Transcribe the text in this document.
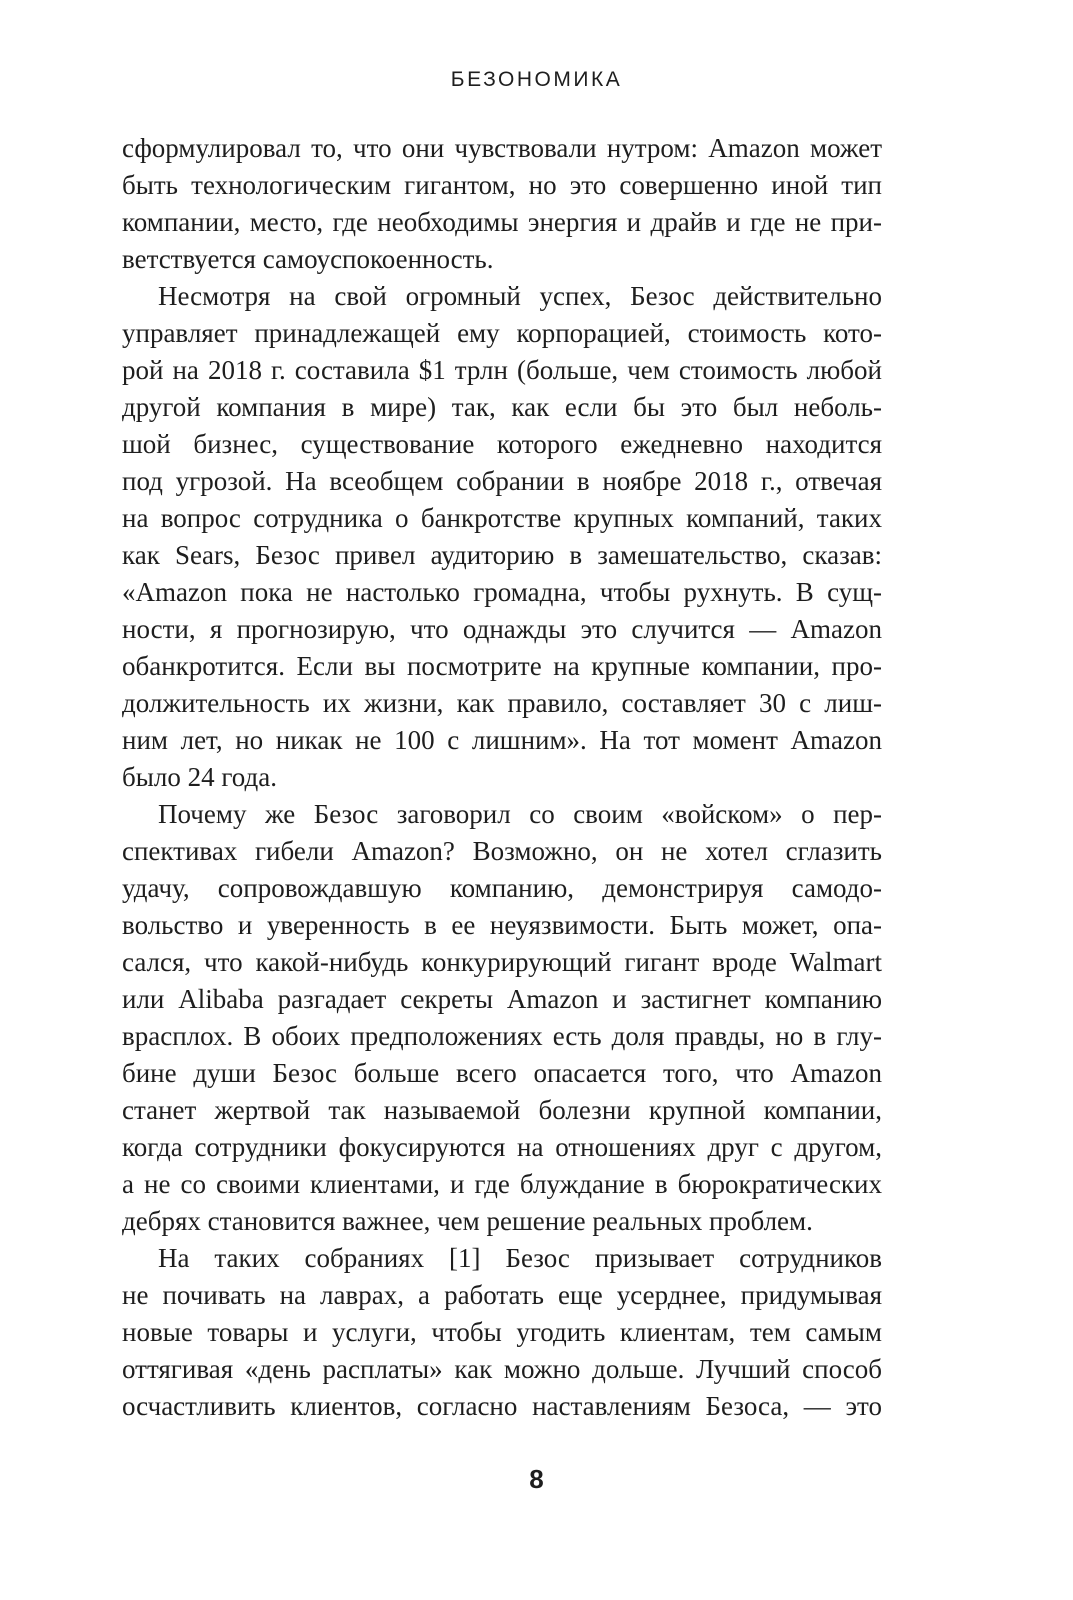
БЕЗОНОМИКА
сформулировал то, что они чувствовали нутром: Amazon может
быть технологическим гигантом, но это совершенно иной тип
компании, место, где необходимы энергия и драйв и где не при-
ветствуется самоуспокоенность.
Несмотря на свой огромный успех, Безос действительно
управляет принадлежащей ему корпорацией, стоимость кото-
рой на 2018 г. составила $1 трлн (больше, чем стоимость любой
другой компания в мире) так, как если бы это был неболь-
шой бизнес, существование которого ежедневно находится
под угрозой. На всеобщем собрании в ноябре 2018 г., отвечая
на вопрос сотрудника о банкротстве крупных компаний, таких
как Sears, Безос привел аудиторию в замешательство, сказав:
«Amazon пока не настолько громадна, чтобы рухнуть. В сущ-
ности, я прогнозирую, что однажды это случится — Amazon
обанкротится. Если вы посмотрите на крупные компании, про-
должительность их жизни, как правило, составляет 30 с лиш-
ним лет, но никак не 100 с лишним». На тот момент Amazon
было 24 года.
Почему же Безос заговорил со своим «войском» о пер-
спективах гибели Amazon? Возможно, он не хотел сглазить
удачу, сопровождавшую компанию, демонстрируя самодо-
вольство и уверенность в ее неуязвимости. Быть может, опа-
сался, что какой-нибудь конкурирующий гигант вроде Walmart
или Alibaba разгадает секреты Amazon и застигнет компанию
врасплох. В обоих предположениях есть доля правды, но в глу-
бине души Безос больше всего опасается того, что Amazon
станет жертвой так называемой болезни крупной компании,
когда сотрудники фокусируются на отношениях друг с другом,
а не со своими клиентами, и где блуждание в бюрократических
дебрях становится важнее, чем решение реальных проблем.
На таких собраниях [1] Безос призывает сотрудников
не почивать на лаврах, а работать еще усерднее, придумывая
новые товары и услуги, чтобы угодить клиентам, тем самым
оттягивая «день расплаты» как можно дольше. Лучший способ
осчастливить клиентов, согласно наставлениям Безоса, — это
8
